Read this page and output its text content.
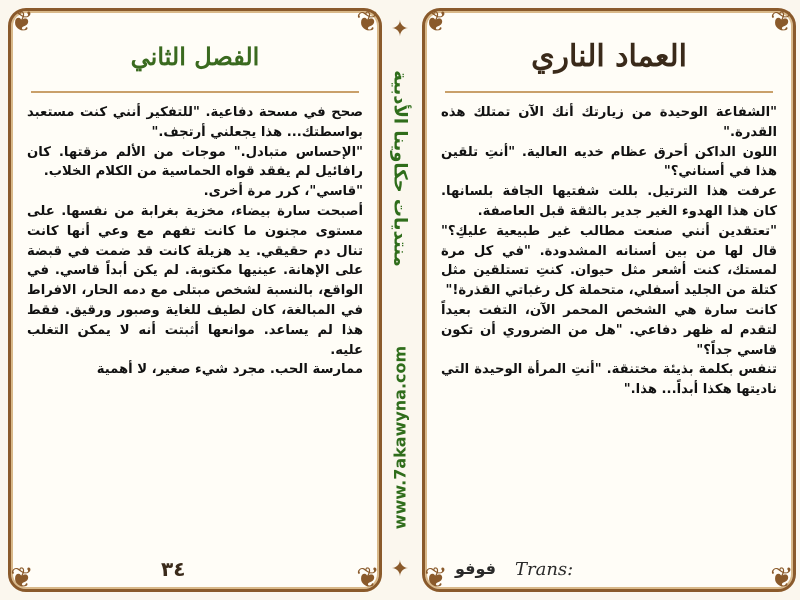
❦	❦
❦	❦
الفصل الثاني

صحح في مسحة دفاعية. "للتفكير أنني كنت مستعبد بواسطتك... هذا يجعلني أرتجف."

"الإحساس متبادل." موجات من الألم مزقتها. كان رافائيل لم يفقد قواه الحماسية من الكلام الخلاب.

"قاسي"، كرر مرة أخرى.

أصبحت سارة بيضاء، مخزية بغرابة من نفسها. على مستوى مجنون ما كانت تفهم مع وعي أنها كانت تنال دم حقيقي. يد هزيلة كانت قد ضمت في قبضة على الإهانة. عينيها مكتوبة. لم يكن أبداً قاسي. في الواقع، بالنسبة لشخص مبتلى مع دمه الحار، الافراط في المبالغة، كان لطيف للغاية وصبور ورقيق. فقط هذا لم يساعد. موانعها أثبتت أنه لا يمكن التغلب عليه.

ممارسة الحب. مجرد شيء صغير، لا أهمية

٣٤
✦
منتديات حكاوينا الأدبية
www.7akawyna.com
✦
❦	❦
❦	❦
العماد الناري

"الشفاعة الوحيدة من زيارتك أنك الآن تمتلك هذه القدرة."

اللون الداكن أحرق عظام خديه العالية. "أنتِ تلقين هذا في أسناني؟"

عرفت هذا الترتيل. بللت شفتيها الجافة بلسانها. كان هذا الهدوء الغير جدير بالثقة قبل العاصفة.

"تعتقدين أنني صنعت مطالب غير طبيعية عليكِ؟" قال لها من بين أسنانه المشدودة. "في كل مرة لمستك، كنت أشعر مثل حيوان. كنتِ تستلقين مثل كتلة من الجليد أسفلي، متحملة كل رغباتي القذرة!"

كانت سارة هي الشخص المحمر الآن، التفت بعيداً لتقدم له ظهر دفاعي. "هل من الضروري أن تكون قاسي جداً؟"

تنفس بكلمة بذيئة مختنقة. "أنتِ المرأة الوحيدة التي ناديتها هكذا أبداً... هذا."

فوفو Trans:
